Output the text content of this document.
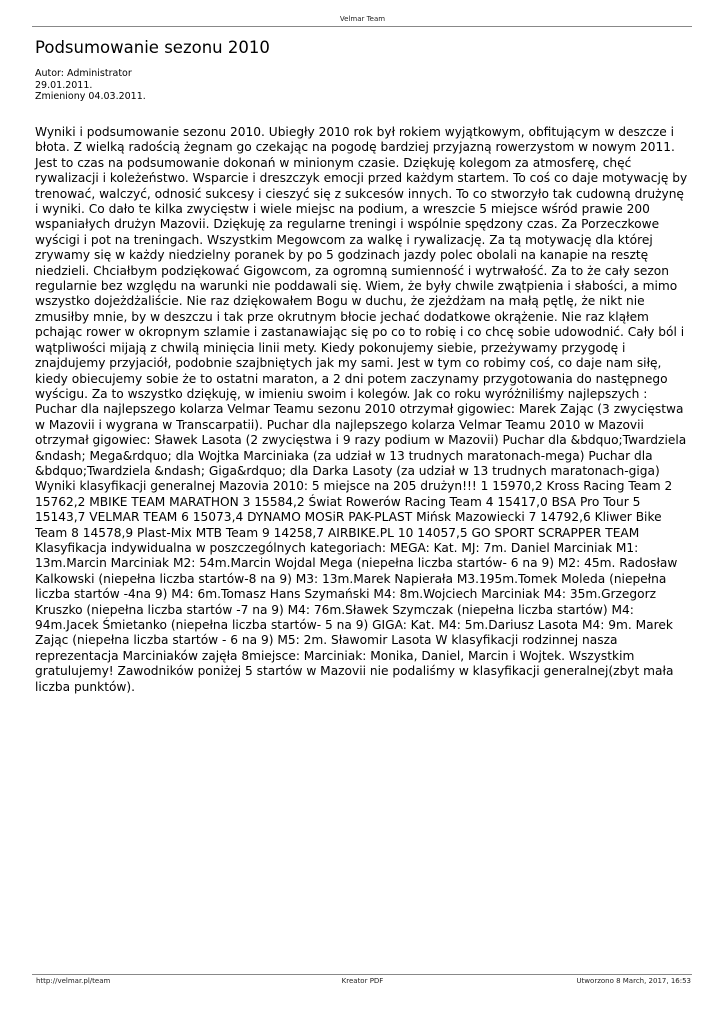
Velmar Team
Podsumowanie sezonu 2010
Autor: Administrator
29.01.2011.
Zmieniony 04.03.2011.
Wyniki i podsumowanie sezonu 2010. Ubiegły 2010 rok był rokiem wyjątkowym, obfitującym w deszcze i błota. Z wielką radością żegnam go czekając na pogodę bardziej przyjazną rowerzystom w nowym 2011. Jest to czas na podsumowanie dokonań w minionym czasie. Dziękuję kolegom za atmosferę, chęć rywalizacji i koleżeństwo. Wsparcie i dreszczyk emocji przed każdym startem. To coś co daje motywację by trenować, walczyć, odnosić sukcesy i cieszyć się z sukcesów innych. To co stworzyło tak cudowną drużynę i wyniki. Co dało te kilka zwycięstw i wiele miejsc na podium, a wreszcie 5 miejsce wśród prawie 200 wspaniałych drużyn Mazovii. Dziękuję za regularne treningi i wspólnie spędzony czas. Za Porzeczkowe wyścigi i pot na treningach. Wszystkim Megowcom za walkę i rywalizację. Za tą motywację dla której zrywamy się w każdy niedzielny poranek by po 5 godzinach jazdy polec obolali na kanapie na resztę niedzieli. Chciałbym podziękować Gigowcom, za ogromną sumienność i wytrwałość. Za to że cały sezon regularnie bez względu na warunki nie poddawali się. Wiem, że były chwile zwątpienia i słabości, a mimo wszystko dojeżdżaliście. Nie raz dziękowałem Bogu w duchu, że zjeżdżam na małą pętlę, że nikt nie zmusiłby mnie, by w deszczu i tak prze okrutnym błocie jechać dodatkowe okrążenie. Nie raz kląłem pchając rower w okropnym szlamie i zastanawiając się po co to robię i co chcę sobie udowodnić. Cały ból i wątpliwości mijają z chwilą minięcia linii mety. Kiedy pokonujemy siebie, przeżywamy przygodę i znajdujemy przyjaciół, podobnie szajbniętych jak my sami. Jest w tym co robimy coś, co daje nam siłę, kiedy obiecujemy sobie że to ostatni maraton, a 2 dni potem zaczynamy przygotowania do następnego wyścigu. Za to wszystko dziękuję, w imieniu swoim i kolegów. Jak co roku wyróżniliśmy najlepszych : Puchar dla najlepszego kolarza Velmar Teamu sezonu 2010 otrzymał gigowiec: Marek Zając (3 zwycięstwa w Mazovii i wygrana w Transcarpatii). Puchar dla najlepszego kolarza Velmar Teamu 2010 w Mazovii otrzymał gigowiec: Sławek Lasota (2 zwycięstwa i 9 razy podium w Mazovii) Puchar dla &bdquo;Twardziela &ndash; Mega&rdquo; dla Wojtka Marciniaka (za udział w 13 trudnych maratonach-mega) Puchar dla &bdquo;Twardziela &ndash; Giga&rdquo; dla Darka Lasoty (za udział w 13 trudnych maratonach-giga) Wyniki klasyfikacji generalnej Mazovia 2010: 5 miejsce na 205 drużyn!!! 1 15970,2 Kross Racing Team 2 15762,2 MBIKE TEAM MARATHON 3 15584,2 Świat Rowerów Racing Team 4 15417,0 BSA Pro Tour 5 15143,7 VELMAR TEAM 6 15073,4 DYNAMO MOSiR PAK-PLAST Mińsk Mazowiecki 7 14792,6 Kliwer Bike Team 8 14578,9 Plast-Mix MTB Team 9 14258,7 AIRBIKE.PL 10 14057,5 GO SPORT SCRAPPER TEAM Klasyfikacja indywidualna w poszczególnych kategoriach: MEGA: Kat. MJ: 7m. Daniel Marciniak M1: 13m.Marcin Marciniak M2: 54m.Marcin Wojdal Mega (niepełna liczba startów- 6 na 9) M2: 45m. Radosław Kalkowski (niepełna liczba startów-8 na 9) M3: 13m.Marek Napierała M3.195m.Tomek Moleda (niepełna liczba startów -4na 9) M4: 6m.Tomasz Hans Szymański M4: 8m.Wojciech Marciniak M4: 35m.Grzegorz Kruszko (niepełna liczba startów -7 na 9) M4: 76m.Sławek Szymczak (niepełna liczba startów) M4: 94m.Jacek Śmietanko (niepełna liczba startów- 5 na 9) GIGA: Kat. M4: 5m.Dariusz Lasota M4: 9m. Marek Zając (niepełna liczba startów - 6 na 9) M5: 2m. Sławomir Lasota W klasyfikacji rodzinnej nasza reprezentacja Marciniaków zajęła 8miejsce: Marciniak: Monika, Daniel, Marcin i Wojtek. Wszystkim gratulujemy! Zawodników poniżej 5 startów w Mazovii nie podaliśmy w klasyfikacji generalnej(zbyt mała liczba punktów).
http://velmar.pl/team	Kreator PDF	Utworzono 8 March, 2017, 16:53
